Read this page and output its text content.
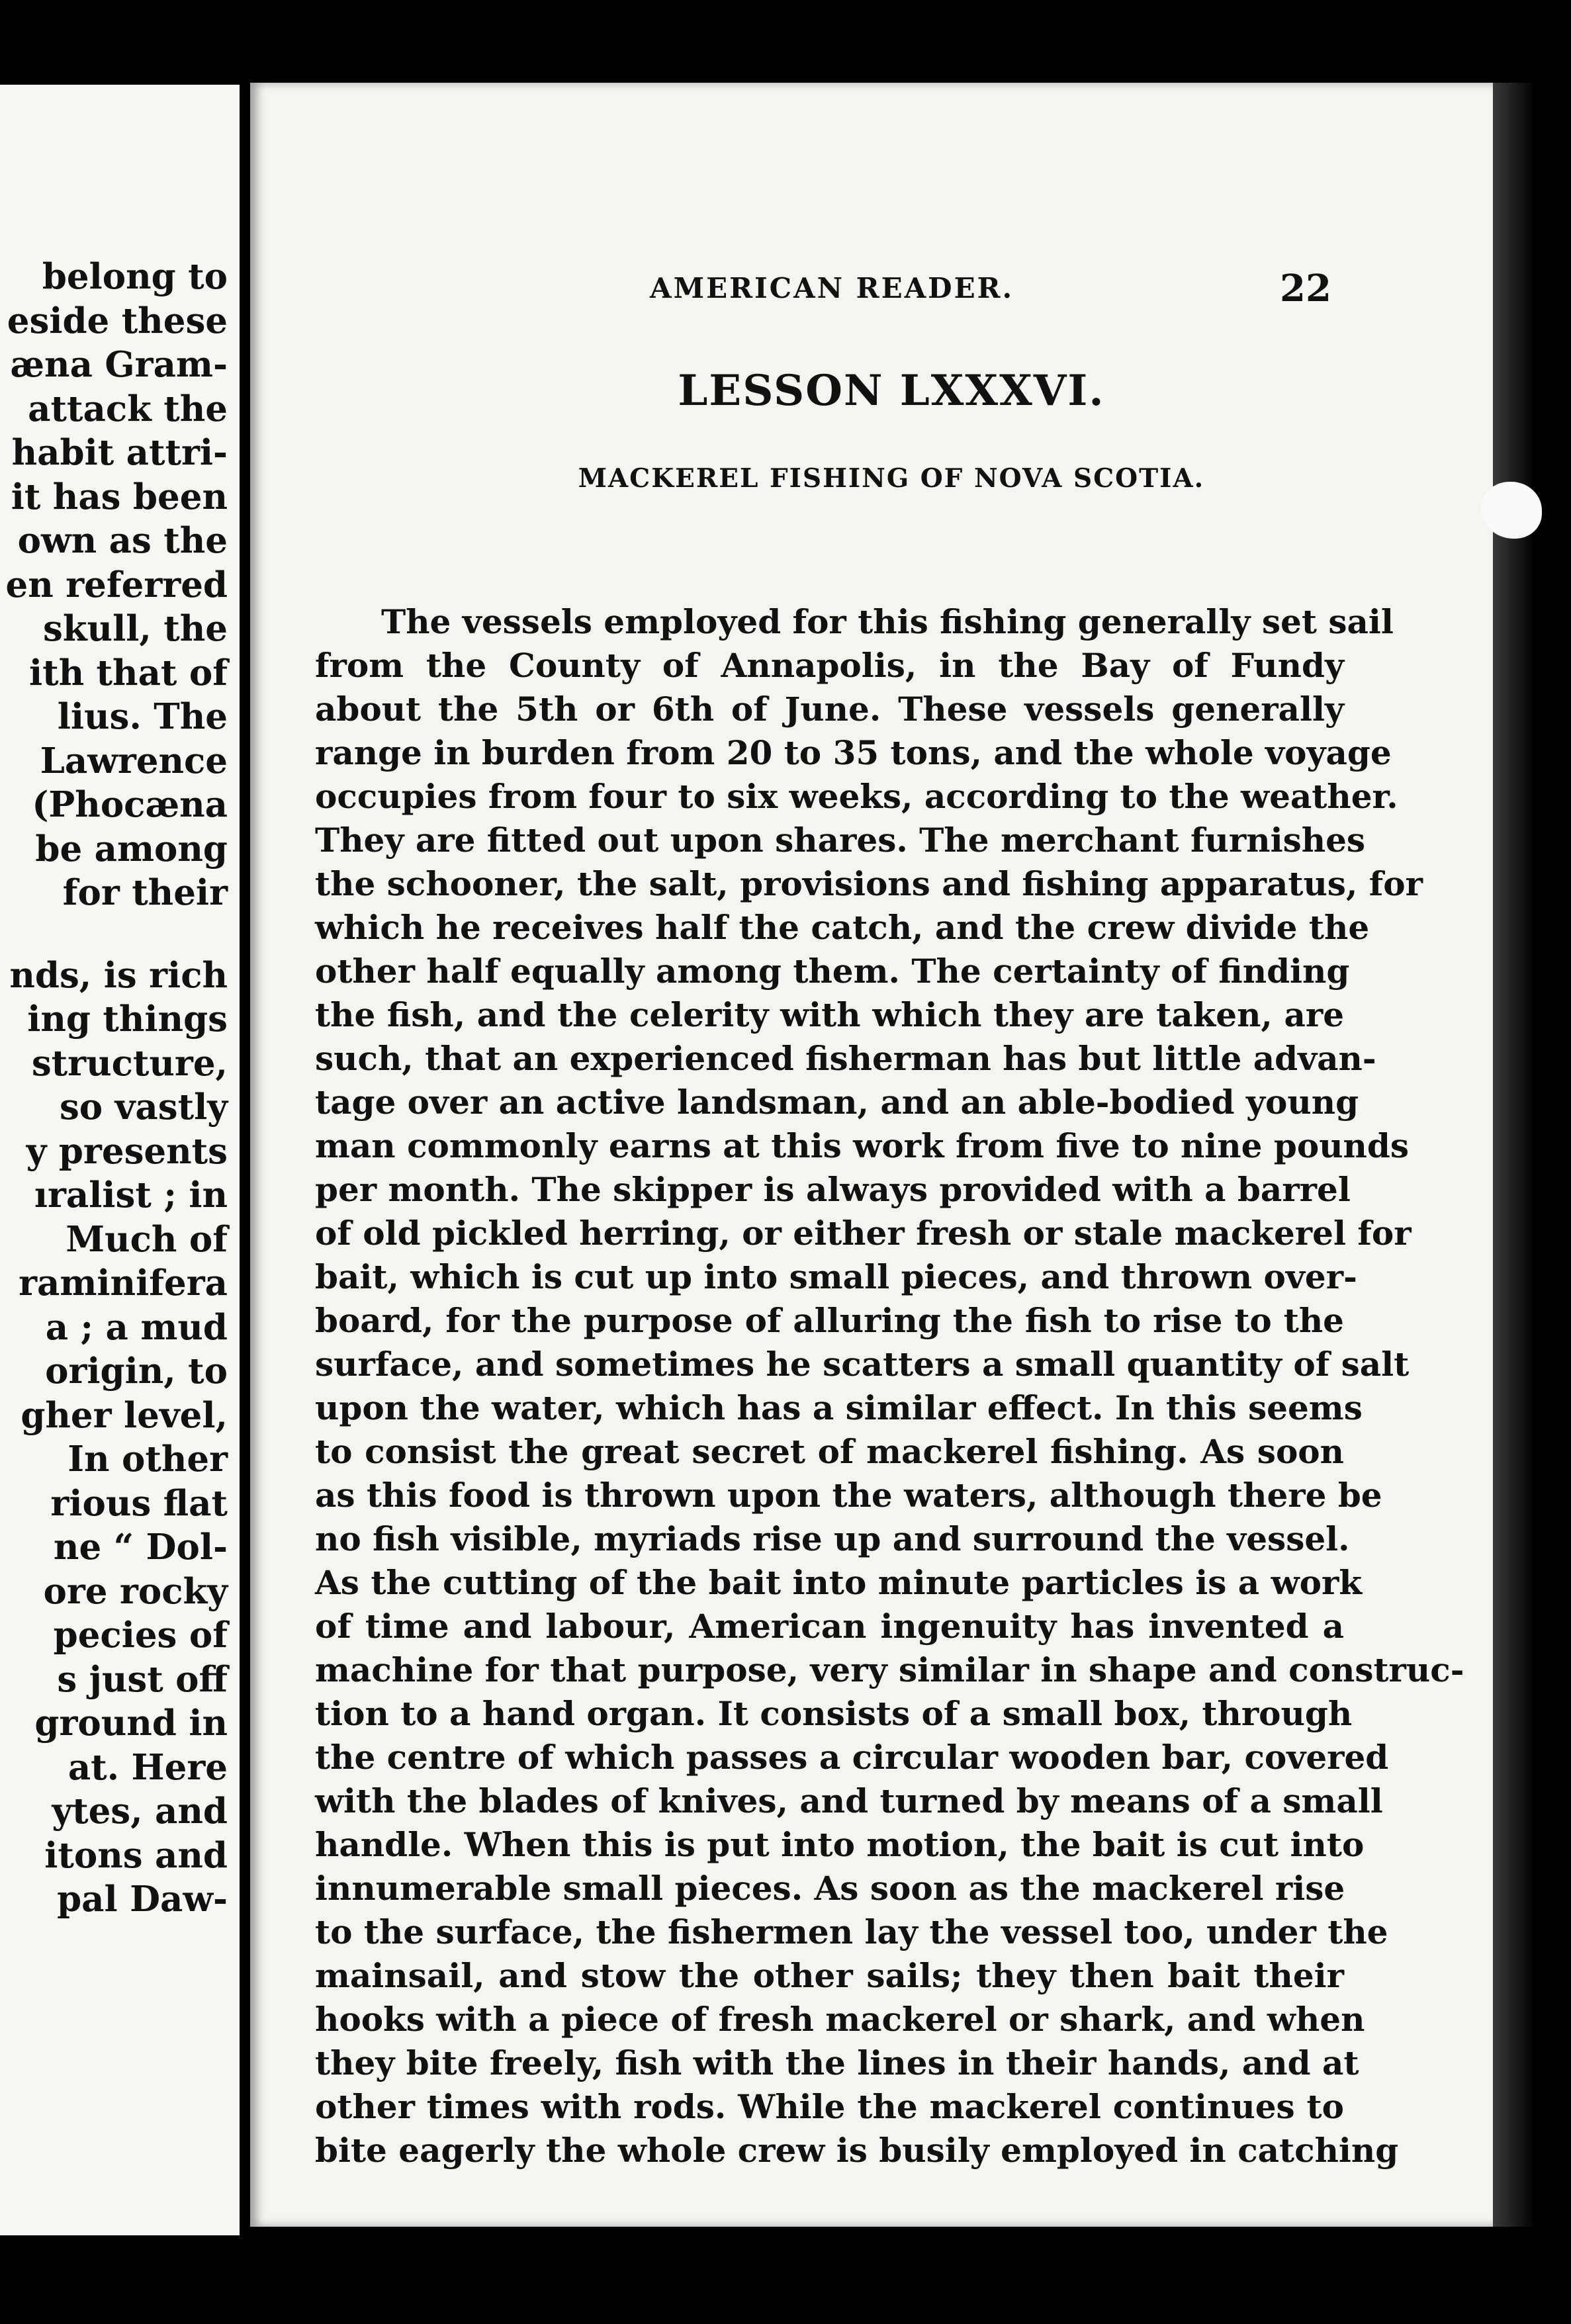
belong to
eside these
æna Gram-
attack the
habit attri-
it has been
own as the
en referred
skull, the
ith that of
lius. The
Lawrence
(Phocæna
be among
for their
nds, is rich
ing things
structure,
so vastly
y presents
ıralist ; in
Much of
raminifera
a ; a mud
origin, to
gher level,
In other
rious flat
ne “ Dol-
ore rocky
pecies of
s just off
ground in
at. Here
ytes, and
itons and
pal Daw-
AMERICAN READER.	22
LESSON LXXXVI.
MACKEREL FISHING OF NOVA SCOTIA.
The vessels employed for this fishing generally set sail
from the County of Annapolis, in the Bay of Fundy
about the 5th or 6th of June. These vessels generally
range in burden from 20 to 35 tons, and the whole voyage
occupies from four to six weeks, according to the weather.
They are fitted out upon shares. The merchant furnishes
the schooner, the salt, provisions and fishing apparatus, for
which he receives half the catch, and the crew divide the
other half equally among them. The certainty of finding
the fish, and the celerity with which they are taken, are
such, that an experienced fisherman has but little advan-
tage over an active landsman, and an able-bodied young
man commonly earns at this work from five to nine pounds
per month. The skipper is always provided with a barrel
of old pickled herring, or either fresh or stale mackerel for
bait, which is cut up into small pieces, and thrown over-
board, for the purpose of alluring the fish to rise to the
surface, and sometimes he scatters a small quantity of salt
upon the water, which has a similar effect. In this seems
to consist the great secret of mackerel fishing. As soon
as this food is thrown upon the waters, although there be
no fish visible, myriads rise up and surround the vessel.
As the cutting of the bait into minute particles is a work
of time and labour, American ingenuity has invented a
machine for that purpose, very similar in shape and construc-
tion to a hand organ. It consists of a small box, through
the centre of which passes a circular wooden bar, covered
with the blades of knives, and turned by means of a small
handle. When this is put into motion, the bait is cut into
innumerable small pieces. As soon as the mackerel rise
to the surface, the fishermen lay the vessel too, under the
mainsail, and stow the other sails; they then bait their
hooks with a piece of fresh mackerel or shark, and when
they bite freely, fish with the lines in their hands, and at
other times with rods. While the mackerel continues to
bite eagerly the whole crew is busily employed in catching
